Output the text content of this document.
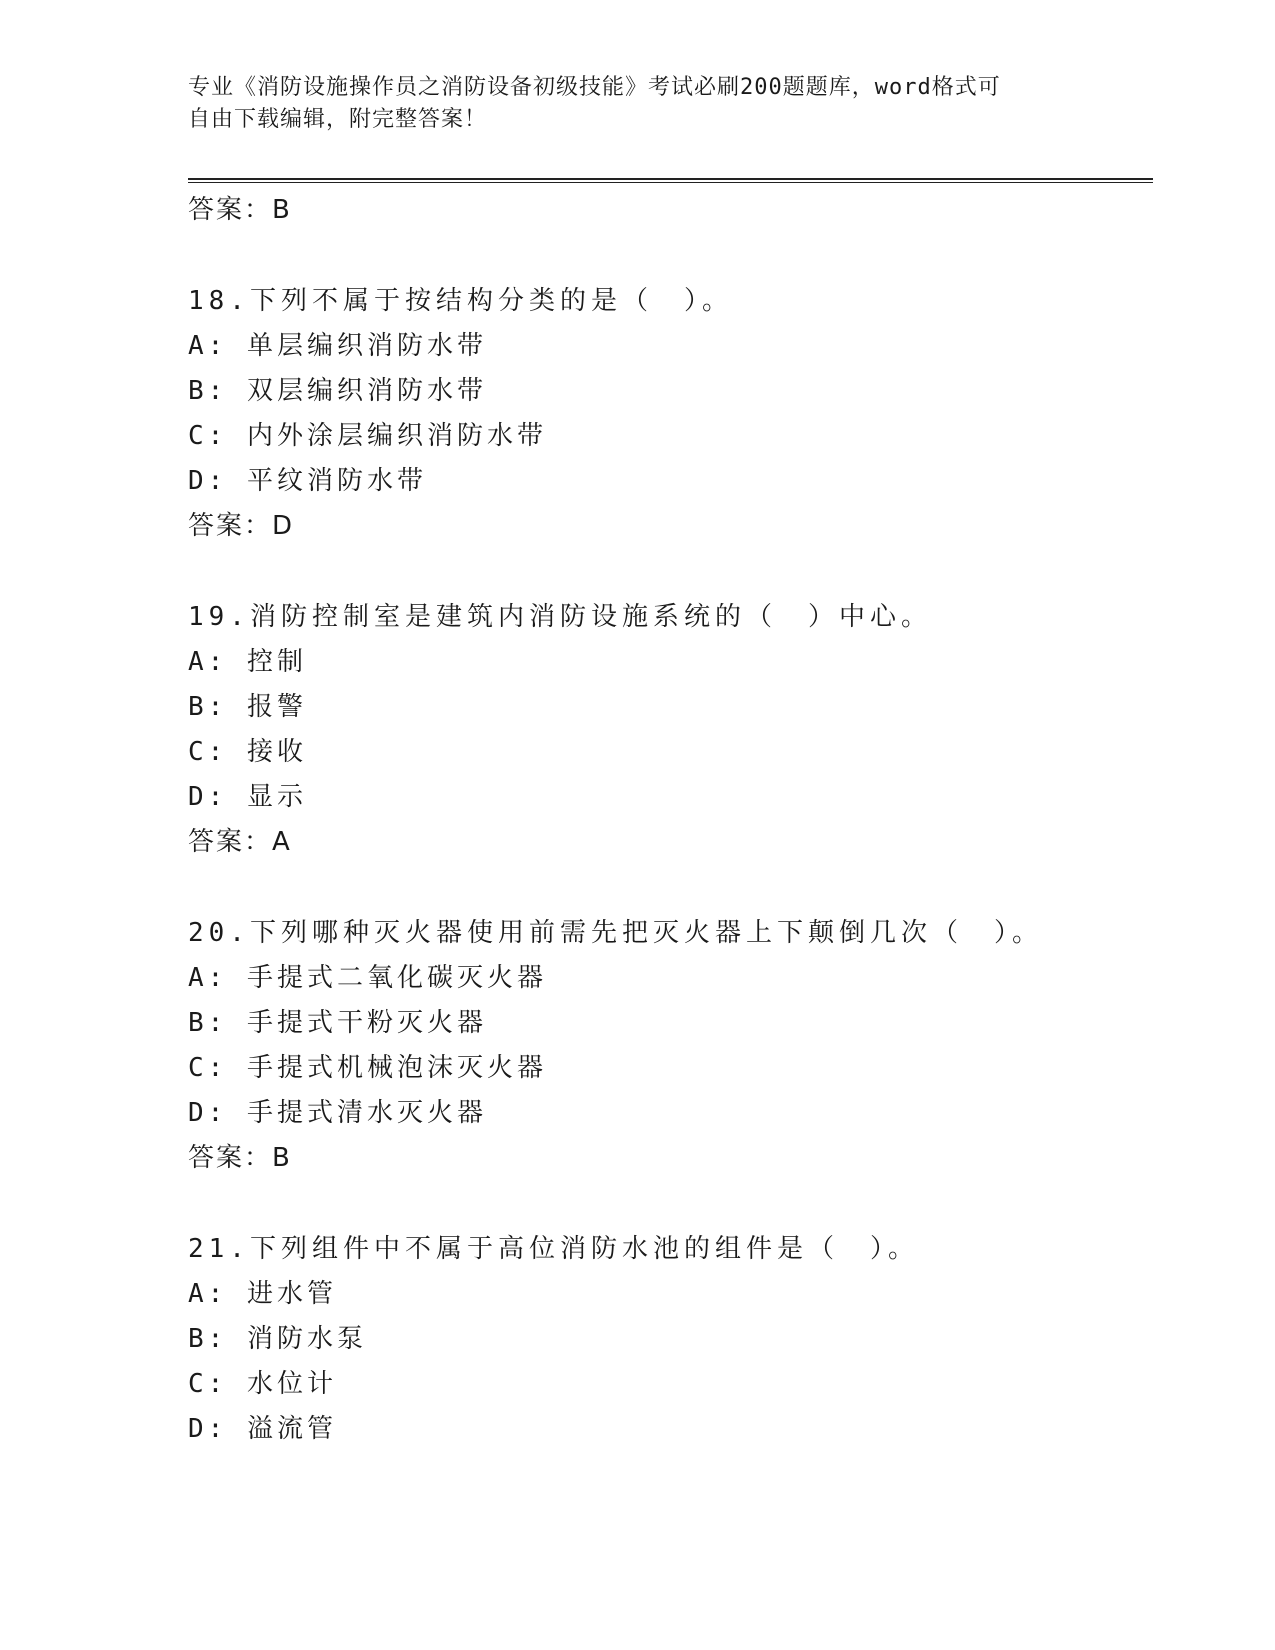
专业《消防设施操作员之消防设备初级技能》考试必刷200题题库，word格式可
自由下载编辑，附完整答案！
答案：B
18.下列不属于按结构分类的是（　）。
A: 单层编织消防水带
B: 双层编织消防水带
C: 内外涂层编织消防水带
D: 平纹消防水带
答案：D
19.消防控制室是建筑内消防设施系统的（　）中心。
A: 控制
B: 报警
C: 接收
D: 显示
答案：A
20.下列哪种灭火器使用前需先把灭火器上下颠倒几次（　）。
A: 手提式二氧化碳灭火器
B: 手提式干粉灭火器
C: 手提式机械泡沫灭火器
D: 手提式清水灭火器
答案：B
21.下列组件中不属于高位消防水池的组件是（　）。
A: 进水管
B: 消防水泵
C: 水位计
D: 溢流管
